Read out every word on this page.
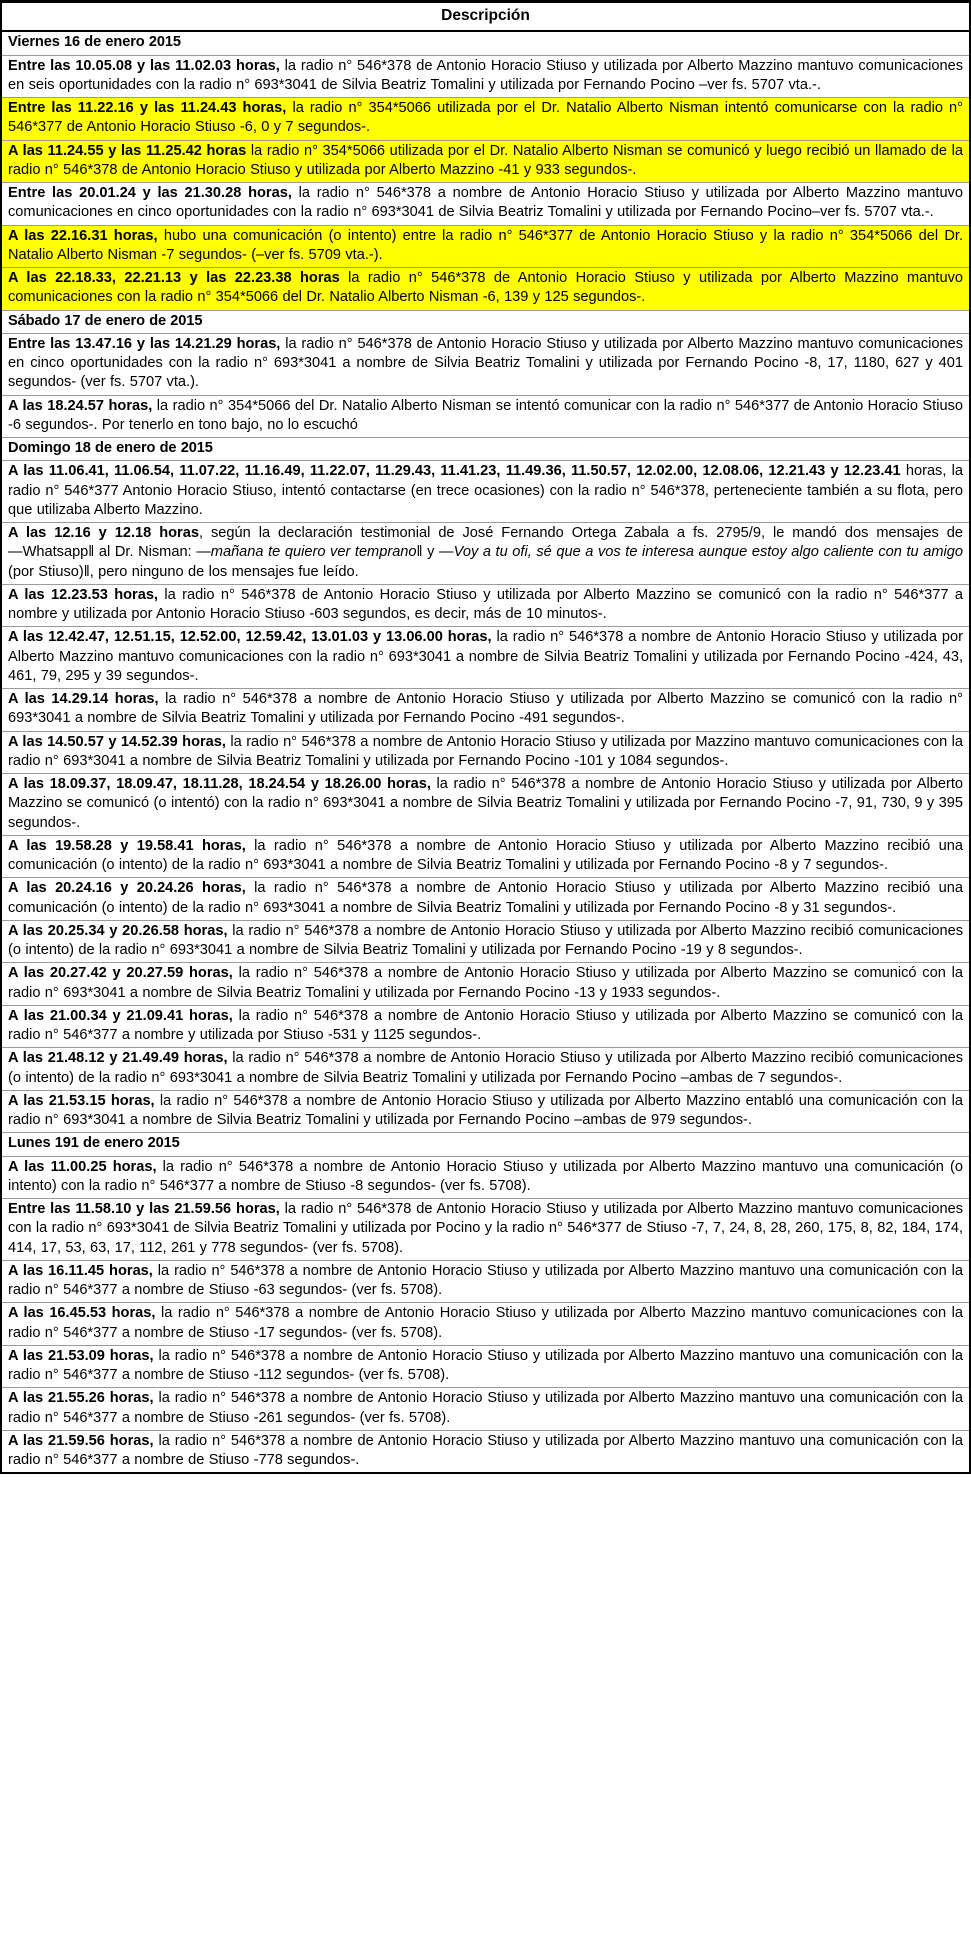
Descripción
Viernes 16 de enero 2015

Entre las 10.05.08 y las 11.02.03 horas, la radio n° 546*378 de Antonio Horacio Stiuso y utilizada por Alberto Mazzino mantuvo comunicaciones en seis oportunidades con la radio n° 693*3041 de Silvia Beatriz Tomalini y utilizada por Fernando Pocino –ver fs. 5707 vta.-.

Entre las 11.22.16 y las 11.24.43 horas, la radio n° 354*5066 utilizada por el Dr. Natalio Alberto Nisman intentó comunicarse con la radio n° 546*377 de Antonio Horacio Stiuso -6, 0 y 7 segundos-.

A las 11.24.55 y las 11.25.42 horas la radio n° 354*5066 utilizada por el Dr. Natalio Alberto Nisman se comunicó y luego recibió un llamado de la radio n° 546*378 de Antonio Horacio Stiuso y utilizada por Alberto Mazzino -41 y 933 segundos-.

Entre las 20.01.24 y las 21.30.28 horas, la radio n° 546*378 a nombre de Antonio Horacio Stiuso y utilizada por Alberto Mazzino mantuvo comunicaciones en cinco oportunidades con la radio n° 693*3041 de Silvia Beatriz Tomalini y utilizada por Fernando Pocino–ver fs. 5707 vta.-.

A las 22.16.31 horas, hubo una comunicación (o intento) entre la radio n° 546*377 de Antonio Horacio Stiuso y la radio n° 354*5066 del Dr. Natalio Alberto Nisman -7 segundos- (–ver fs. 5709 vta.-).

A las 22.18.33, 22.21.13 y las 22.23.38 horas la radio n° 546*378 de Antonio Horacio Stiuso y utilizada por Alberto Mazzino mantuvo comunicaciones con la radio n° 354*5066 del Dr. Natalio Alberto Nisman -6, 139 y 125 segundos-.

Sábado 17 de enero de 2015

Entre las 13.47.16 y las 14.21.29 horas, la radio n° 546*378 de Antonio Horacio Stiuso y utilizada por Alberto Mazzino mantuvo comunicaciones en cinco oportunidades con la radio n° 693*3041 a nombre de Silvia Beatriz Tomalini y utilizada por Fernando Pocino -8, 17, 1180, 627 y 401 segundos- (ver fs. 5707 vta.).

A las 18.24.57 horas, la radio n° 354*5066 del Dr. Natalio Alberto Nisman se intentó comunicar con la radio n° 546*377 de Antonio Horacio Stiuso -6 segundos-. Por tenerlo en tono bajo, no lo escuchó

Domingo 18 de enero de 2015

A las 11.06.41, 11.06.54, 11.07.22, 11.16.49, 11.22.07, 11.29.43, 11.41.23, 11.49.36, 11.50.57, 12.02.00, 12.08.06, 12.21.43 y 12.23.41 horas, la radio n° 546*377 Antonio Horacio Stiuso, intentó contactarse (en trece ocasiones) con la radio n° 546*378, perteneciente también a su flota, pero que utilizaba Alberto Mazzino.

A las 12.16 y 12.18 horas, según la declaración testimonial de José Fernando Ortega Zabala a fs. 2795/9, le mandó dos mensajes de ―Whatsapp‖ al Dr. Nisman: ―mañana te quiero ver temprano‖ y ―Voy a tu ofi, sé que a vos te interesa aunque estoy algo caliente con tu amigo (por Stiuso)‖, pero ninguno de los mensajes fue leído.

A las 12.23.53 horas, la radio n° 546*378 de Antonio Horacio Stiuso y utilizada por Alberto Mazzino se comunicó con la radio n° 546*377 a nombre y utilizada por Antonio Horacio Stiuso -603 segundos, es decir, más de 10 minutos-.

A las 12.42.47, 12.51.15, 12.52.00, 12.59.42, 13.01.03 y 13.06.00 horas, la radio n° 546*378 a nombre de Antonio Horacio Stiuso y utilizada por Alberto Mazzino mantuvo comunicaciones con la radio n° 693*3041 a nombre de Silvia Beatriz Tomalini y utilizada por Fernando Pocino -424, 43, 461, 79, 295 y 39 segundos-.

A las 14.29.14 horas, la radio n° 546*378 a nombre de Antonio Horacio Stiuso y utilizada por Alberto Mazzino se comunicó con la radio n° 693*3041 a nombre de Silvia Beatriz Tomalini y utilizada por Fernando Pocino -491 segundos-.

A las 14.50.57 y 14.52.39 horas, la radio n° 546*378 a nombre de Antonio Horacio Stiuso y utilizada por Mazzino mantuvo comunicaciones con la radio n° 693*3041 a nombre de Silvia Beatriz Tomalini y utilizada por Fernando Pocino -101 y 1084 segundos-.

A las 18.09.37, 18.09.47, 18.11.28, 18.24.54 y 18.26.00 horas, la radio n° 546*378 a nombre de Antonio Horacio Stiuso y utilizada por Alberto Mazzino se comunicó (o intentó) con la radio n° 693*3041 a nombre de Silvia Beatriz Tomalini y utilizada por Fernando Pocino -7, 91, 730, 9 y 395 segundos-.

A las 19.58.28 y 19.58.41 horas, la radio n° 546*378 a nombre de Antonio Horacio Stiuso y utilizada por Alberto Mazzino recibió una comunicación (o intento) de la radio n° 693*3041 a nombre de Silvia Beatriz Tomalini y utilizada por Fernando Pocino -8 y 7 segundos-.

A las 20.24.16 y 20.24.26 horas, la radio n° 546*378 a nombre de Antonio Horacio Stiuso y utilizada por Alberto Mazzino recibió una comunicación (o intento) de la radio n° 693*3041 a nombre de Silvia Beatriz Tomalini y utilizada por Fernando Pocino -8 y 31 segundos-.

A las 20.25.34 y 20.26.58 horas, la radio n° 546*378 a nombre de Antonio Horacio Stiuso y utilizada por Alberto Mazzino recibió comunicaciones (o intento) de la radio n° 693*3041 a nombre de Silvia Beatriz Tomalini y utilizada por Fernando Pocino -19 y 8 segundos-.

A las 20.27.42 y 20.27.59 horas, la radio n° 546*378 a nombre de Antonio Horacio Stiuso y utilizada por Alberto Mazzino se comunicó con la radio n° 693*3041 a nombre de Silvia Beatriz Tomalini y utilizada por Fernando Pocino -13 y 1933 segundos-.

A las 21.00.34 y 21.09.41 horas, la radio n° 546*378 a nombre de Antonio Horacio Stiuso y utilizada por Alberto Mazzino se comunicó con la radio n° 546*377 a nombre y utilizada por Stiuso -531 y 1125 segundos-.

A las 21.48.12 y 21.49.49 horas, la radio n° 546*378 a nombre de Antonio Horacio Stiuso y utilizada por Alberto Mazzino recibió comunicaciones (o intento) de la radio n° 693*3041 a nombre de Silvia Beatriz Tomalini y utilizada por Fernando Pocino –ambas de 7 segundos-.

A las 21.53.15 horas, la radio n° 546*378 a nombre de Antonio Horacio Stiuso y utilizada por Alberto Mazzino entabló una comunicación con la radio n° 693*3041 a nombre de Silvia Beatriz Tomalini y utilizada por Fernando Pocino –ambas de 979 segundos-.

Lunes 191 de enero 2015

A las 11.00.25 horas, la radio n° 546*378 a nombre de Antonio Horacio Stiuso y utilizada por Alberto Mazzino mantuvo una comunicación (o intento) con la radio n° 546*377 a nombre de Stiuso -8 segundos- (ver fs. 5708).

Entre las 11.58.10 y las 21.59.56 horas, la radio n° 546*378 de Antonio Horacio Stiuso y utilizada por Alberto Mazzino mantuvo comunicaciones con la radio n° 693*3041 de Silvia Beatriz Tomalini y utilizada por Pocino y la radio n° 546*377 de Stiuso -7, 7, 24, 8, 28, 260, 175, 8, 82, 184, 174, 414, 17, 53, 63, 17, 112, 261 y 778 segundos- (ver fs. 5708).

A las 16.11.45 horas, la radio n° 546*378 a nombre de Antonio Horacio Stiuso y utilizada por Alberto Mazzino mantuvo una comunicación con la radio n° 546*377 a nombre de Stiuso -63 segundos- (ver fs. 5708).

A las 16.45.53 horas, la radio n° 546*378 a nombre de Antonio Horacio Stiuso y utilizada por Alberto Mazzino mantuvo comunicaciones con la radio n° 546*377 a nombre de Stiuso -17 segundos- (ver fs. 5708).

A las 21.53.09 horas, la radio n° 546*378 a nombre de Antonio Horacio Stiuso y utilizada por Alberto Mazzino mantuvo una comunicación con la radio n° 546*377 a nombre de Stiuso -112 segundos- (ver fs. 5708).

A las 21.55.26 horas, la radio n° 546*378 a nombre de Antonio Horacio Stiuso y utilizada por Alberto Mazzino mantuvo una comunicación con la radio n° 546*377 a nombre de Stiuso -261 segundos- (ver fs. 5708).

A las 21.59.56 horas, la radio n° 546*378 a nombre de Antonio Horacio Stiuso y utilizada por Alberto Mazzino mantuvo una comunicación con la radio n° 546*377 a nombre de Stiuso -778 segundos-.
